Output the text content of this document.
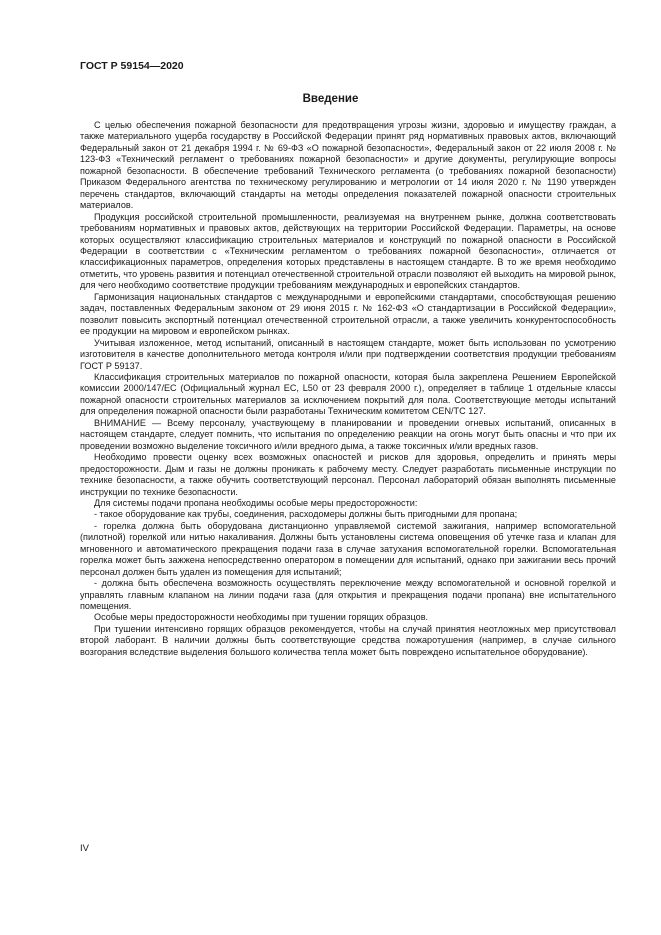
ГОСТ Р 59154—2020
Введение

С целью обеспечения пожарной безопасности для предотвращения угрозы жизни, здоровью и имуществу граждан, а также материального ущерба государству в Российской Федерации принят ряд нормативных правовых актов, включающий Федеральный закон от 21 декабря 1994 г. № 69-ФЗ «О пожарной безопасности», Федеральный закон от 22 июля 2008 г. № 123-ФЗ «Технический регламент о требованиях пожарной безопасности» и другие документы, регулирующие вопросы пожарной безопасности. В обеспечение требований Технического регламента (о требованиях пожарной безопасности) Приказом Федерального агентства по техническому регулированию и метрологии от 14 июля 2020 г. № 1190 утвержден перечень стандартов, включающий стандарты на методы определения показателей пожарной опасности строительных материалов.

Продукция российской строительной промышленности, реализуемая на внутреннем рынке, должна соответствовать требованиям нормативных и правовых актов, действующих на территории Российской Федерации. Параметры, на основе которых осуществляют классификацию строительных материалов и конструкций по пожарной опасности в Российской Федерации в соответствии с «Техническим регламентом о требованиях пожарной безопасности», отличается от классификационных параметров, определения которых представлены в настоящем стандарте. В то же время необходимо отметить, что уровень развития и потенциал отечественной строительной отрасли позволяют ей выходить на мировой рынок, для чего необходимо соответствие продукции требованиям международных и европейских стандартов.

Гармонизация национальных стандартов с международными и европейскими стандартами, способствующая решению задач, поставленных Федеральным законом от 29 июня 2015 г. № 162-ФЗ «О стандартизации в Российской Федерации», позволит повысить экспортный потенциал отечественной строительной отрасли, а также увеличить конкурентоспособность ее продукции на мировом и европейском рынках.

Учитывая изложенное, метод испытаний, описанный в настоящем стандарте, может быть использован по усмотрению изготовителя в качестве дополнительного метода контроля и/или при подтверждении соответствия продукции требованиям ГОСТ Р 59137.

Классификация строительных материалов по пожарной опасности, которая была закреплена Решением Европейской комиссии 2000/147/ЕС (Официальный журнал ЕС, L50 от 23 февраля 2000 г.), определяет в таблице 1 отдельные классы пожарной опасности строительных материалов за исключением покрытий для пола. Соответствующие методы испытаний для определения пожарной опасности были разработаны Техническим комитетом CEN/TC 127.

ВНИМАНИЕ — Всему персоналу, участвующему в планировании и проведении огневых испытаний, описанных в настоящем стандарте, следует помнить, что испытания по определению реакции на огонь могут быть опасны и что при их проведении возможно выделение токсичного и/или вредного дыма, а также токсичных и/или вредных газов.

Необходимо провести оценку всех возможных опасностей и рисков для здоровья, определить и принять меры предосторожности. Дым и газы не должны проникать к рабочему месту. Следует разработать письменные инструкции по технике безопасности, а также обучить соответствующий персонал. Персонал лабораторий обязан выполнять письменные инструкции по технике безопасности.

Для системы подачи пропана необходимы особые меры предосторожности:

- такое оборудование как трубы, соединения, расходомеры должны быть пригодными для пропана;

- горелка должна быть оборудована дистанционно управляемой системой зажигания, например вспомогательной (пилотной) горелкой или нитью накаливания. Должны быть установлены система оповещения об утечке газа и клапан для мгновенного и автоматического прекращения подачи газа в случае затухания вспомогательной горелки. Вспомогательная горелка может быть зажжена непосредственно оператором в помещении для испытаний, однако при зажигании весь прочий персонал должен быть удален из помещения для испытаний;

- должна быть обеспечена возможность осуществлять переключение между вспомогательной и основной горелкой и управлять главным клапаном на линии подачи газа (для открытия и прекращения подачи пропана) вне испытательного помещения.

Особые меры предосторожности необходимы при тушении горящих образцов.

При тушении интенсивно горящих образцов рекомендуется, чтобы на случай принятия неотложных мер присутствовал второй лаборант. В наличии должны быть соответствующие средства пожаротушения (например, в случае сильного возгорания вследствие выделения большого количества тепла может быть повреждено испытательное оборудование).

IV
